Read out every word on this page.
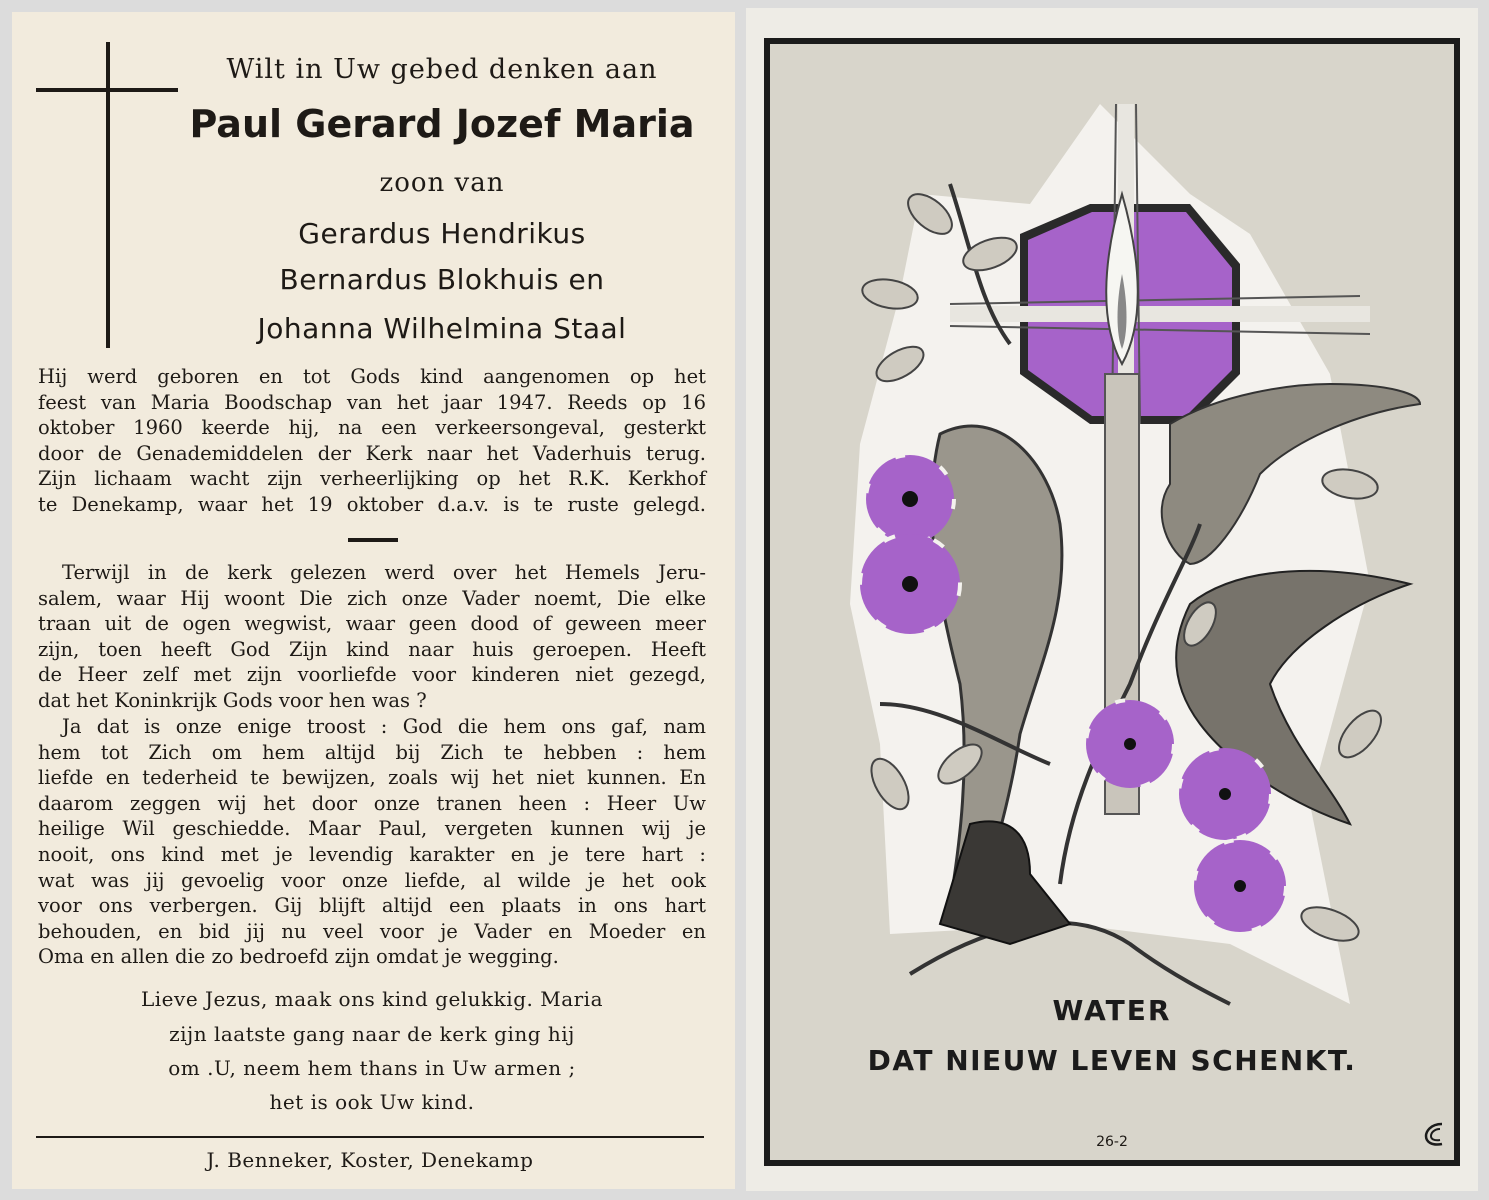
Wilt in Uw gebed denken aan
Paul Gerard Jozef Maria
zoon van
Gerardus Hendrikus
Bernardus Blokhuis en
Johanna Wilhelmina Staal
Hij werd geboren en tot Gods kind aangenomen op het
feest van Maria Boodschap van het jaar 1947. Reeds op 16
oktober 1960 keerde hij, na een verkeersongeval, gesterkt
door de Genademiddelen der Kerk naar het Vaderhuis terug.
Zijn lichaam wacht zijn verheerlijking op het R.K. Kerkhof
te Denekamp, waar het 19 oktober d.a.v. is te ruste gelegd.
Terwijl in de kerk gelezen werd over het Hemels Jeru-
salem, waar Hij woont Die zich onze Vader noemt, Die elke
traan uit de ogen wegwist, waar geen dood of geween meer
zijn, toen heeft God Zijn kind naar huis geroepen. Heeft
de Heer zelf met zijn voorliefde voor kinderen niet gezegd,
dat het Koninkrijk Gods voor hen was ?
Ja dat is onze enige troost : God die hem ons gaf, nam
hem tot Zich om hem altijd bij Zich te hebben : hem
liefde en tederheid te bewijzen, zoals wij het niet kunnen. En
daarom zeggen wij het door onze tranen heen : Heer Uw
heilige Wil geschiedde. Maar Paul, vergeten kunnen wij je
nooit, ons kind met je levendig karakter en je tere hart :
wat was jij gevoelig voor onze liefde, al wilde je het ook
voor ons verbergen. Gij blijft altijd een plaats in ons hart
behouden, en bid jij nu veel voor je Vader en Moeder en
Oma en allen die zo bedroefd zijn omdat je wegging.
Lieve Jezus, maak ons kind gelukkig. Maria
zijn laatste gang naar de kerk ging hij
om .U, neem hem thans in Uw armen ;
het is ook Uw kind.
J. Benneker, Koster, Denekamp
WATER
DAT NIEUW LEVEN SCHENKT.
26-2
